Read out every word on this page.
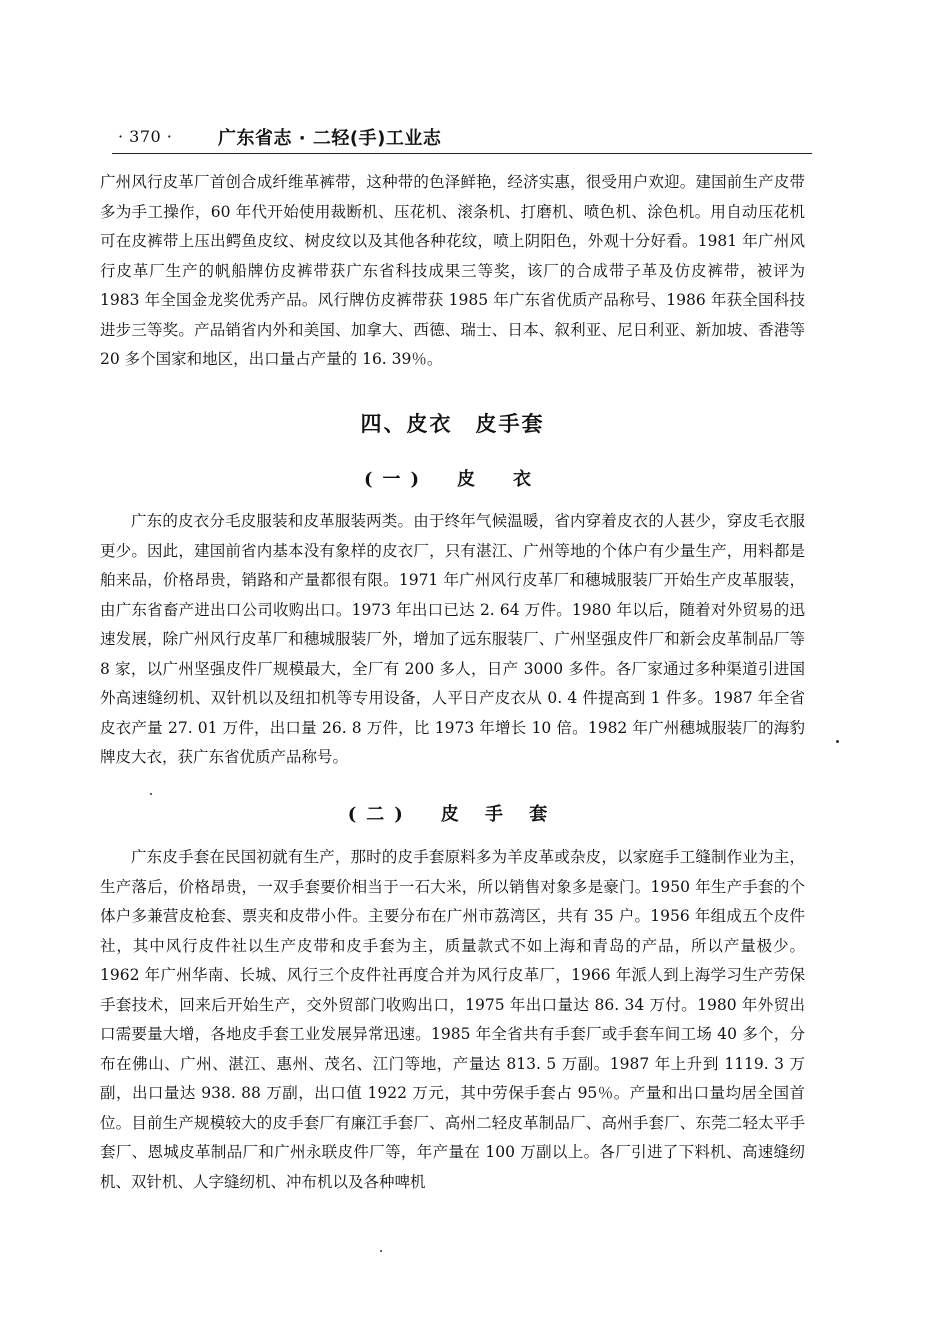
· 370 ·	广东省志 · 二轻(手)工业志

广州风行皮革厂首创合成纤维革裤带，这种带的色泽鲜艳，经济实惠，很受用户欢迎。建国前生产皮带多为手工操作，60 年代开始使用裁断机、压花机、滚条机、打磨机、喷色机、涂色机。用自动压花机可在皮裤带上压出鳄鱼皮纹、树皮纹以及其他各种花纹，喷上阴阳色，外观十分好看。1981 年广州风行皮革厂生产的帆船牌仿皮裤带获广东省科技成果三等奖，该厂的合成带子革及仿皮裤带，被评为 1983 年全国金龙奖优秀产品。风行牌仿皮裤带获 1985 年广东省优质产品称号、1986 年获全国科技进步三等奖。产品销省内外和美国、加拿大、西德、瑞士、日本、叙利亚、尼日利亚、新加坡、香港等 20 多个国家和地区，出口量占产量的 16. 39％。

四、皮衣　皮手套
(一)　皮　衣

广东的皮衣分毛皮服装和皮革服装两类。由于终年气候温暖，省内穿着皮衣的人甚少，穿皮毛衣服更少。因此，建国前省内基本没有象样的皮衣厂，只有湛江、广州等地的个体户有少量生产，用料都是舶来品，价格昂贵，销路和产量都很有限。1971 年广州风行皮革厂和穗城服装厂开始生产皮革服装，由广东省畜产进出口公司收购出口。1973 年出口已达 2. 64 万件。1980 年以后，随着对外贸易的迅速发展，除广州风行皮革厂和穗城服装厂外，增加了远东服装厂、广州坚强皮件厂和新会皮革制品厂等 8 家，以广州坚强皮件厂规模最大，全厂有 200 多人，日产 3000 多件。各厂家通过多种渠道引进国外高速缝纫机、双针机以及纽扣机等专用设备，人平日产皮衣从 0. 4 件提高到 1 件多。1987 年全省皮衣产量 27. 01 万件，出口量 26. 8 万件，比 1973 年增长 10 倍。1982 年广州穗城服装厂的海豹牌皮大衣，获广东省优质产品称号。

(二)　皮 手 套

广东皮手套在民国初就有生产，那时的皮手套原料多为羊皮革或杂皮，以家庭手工缝制作业为主，生产落后，价格昂贵，一双手套要价相当于一石大米，所以销售对象多是豪门。1950 年生产手套的个体户多兼营皮枪套、票夹和皮带小件。主要分布在广州市荔湾区，共有 35 户。1956 年组成五个皮件社，其中风行皮件社以生产皮带和皮手套为主，质量款式不如上海和青岛的产品，所以产量极少。1962 年广州华南、长城、风行三个皮件社再度合并为风行皮革厂，1966 年派人到上海学习生产劳保手套技术，回来后开始生产，交外贸部门收购出口，1975 年出口量达 86. 34 万付。1980 年外贸出口需要量大增，各地皮手套工业发展异常迅速。1985 年全省共有手套厂或手套车间工场 40 多个，分布在佛山、广州、湛江、惠州、茂名、江门等地，产量达 813. 5 万副。1987 年上升到 1119. 3 万副，出口量达 938. 88 万副，出口值 1922 万元，其中劳保手套占 95％。产量和出口量均居全国首位。目前生产规模较大的皮手套厂有廉江手套厂、高州二轻皮革制品厂、高州手套厂、东莞二轻太平手套厂、恩城皮革制品厂和广州永联皮件厂等，年产量在 100 万副以上。各厂引进了下料机、高速缝纫机、双针机、人字缝纫机、冲布机以及各种啤机
